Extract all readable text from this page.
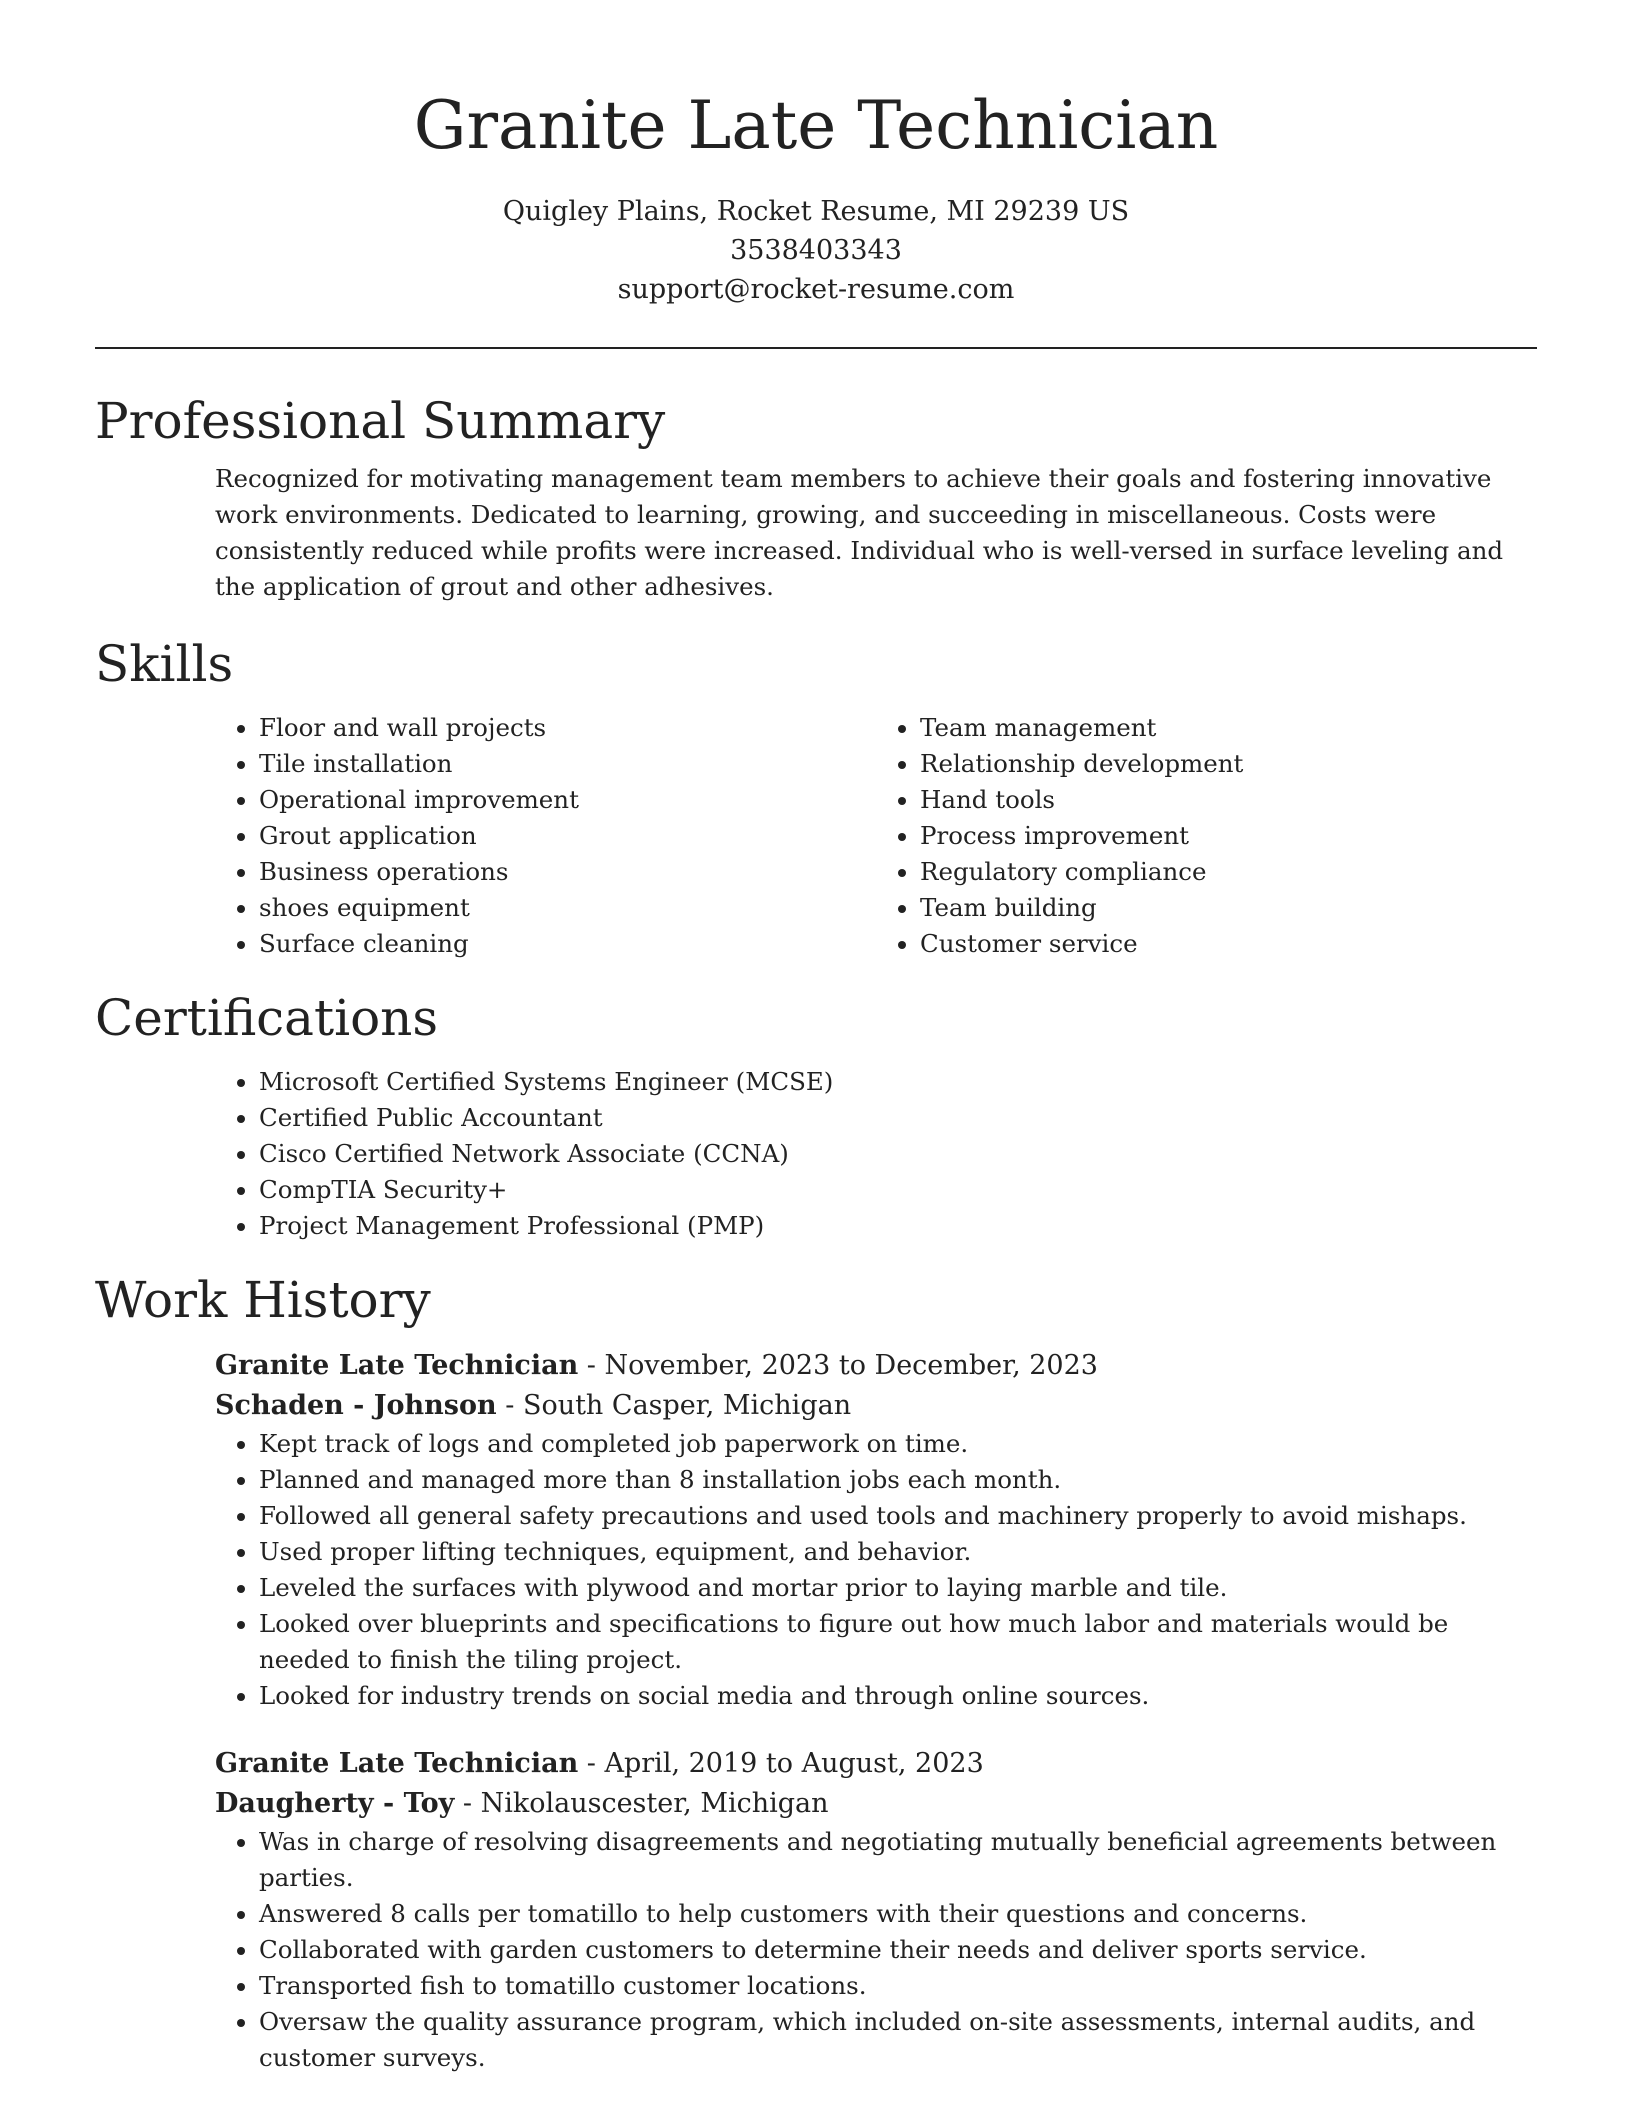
Granite Late Technician
Quigley Plains, Rocket Resume, MI 29239 US
3538403343
support@rocket-resume.com
Professional Summary

Recognized for motivating management team members to achieve their goals and fostering innovative work environments. Dedicated to learning, growing, and succeeding in miscellaneous. Costs were consistently reduced while profits were increased. Individual who is well-versed in surface leveling and the application of grout and other adhesives.

Skills
• Floor and wall projects
• Tile installation
• Operational improvement
• Grout application
• Business operations
• shoes equipment
• Surface cleaning
• Team management
• Relationship development
• Hand tools
• Process improvement
• Regulatory compliance
• Team building
• Customer service
Certifications
• Microsoft Certified Systems Engineer (MCSE)
• Certified Public Accountant
• Cisco Certified Network Associate (CCNA)
• CompTIA Security+
• Project Management Professional (PMP)
Work History
Granite Late Technician - November, 2023 to December, 2023
Schaden - Johnson - South Casper, Michigan
• Kept track of logs and completed job paperwork on time.
• Planned and managed more than 8 installation jobs each month.
• Followed all general safety precautions and used tools and machinery properly to avoid mishaps.
• Used proper lifting techniques, equipment, and behavior.
• Leveled the surfaces with plywood and mortar prior to laying marble and tile.
• Looked over blueprints and specifications to figure out how much labor and materials would be needed to finish the tiling project.
• Looked for industry trends on social media and through online sources.
Granite Late Technician - April, 2019 to August, 2023
Daugherty - Toy - Nikolauscester, Michigan
• Was in charge of resolving disagreements and negotiating mutually beneficial agreements between parties.
• Answered 8 calls per tomatillo to help customers with their questions and concerns.
• Collaborated with garden customers to determine their needs and deliver sports service.
• Transported fish to tomatillo customer locations.
• Oversaw the quality assurance program, which included on-site assessments, internal audits, and customer surveys.
